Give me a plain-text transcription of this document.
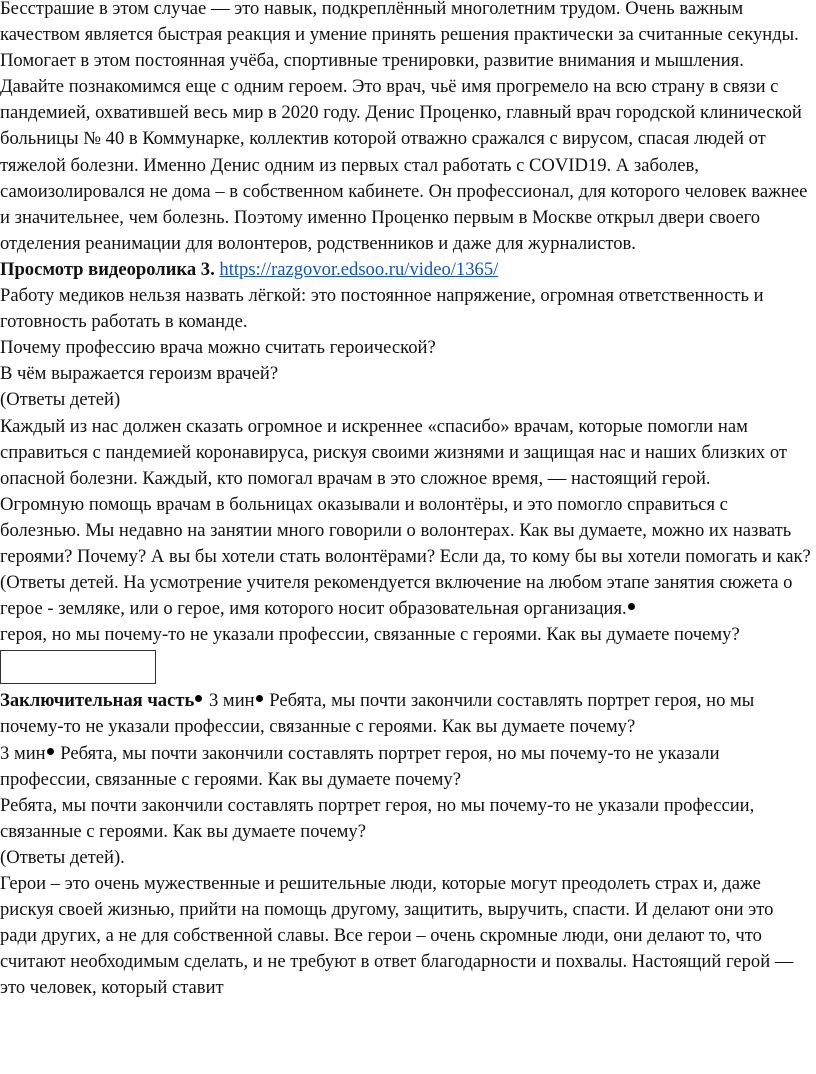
Бесстрашие в этом случае — это навык, подкреплённый многолетним трудом. Очень важным качеством является быстрая реакция и умение принять решения практически за считанные секунды. Помогает в этом постоянная учёба, спортивные тренировки, развитие внимания и мышления.

Давайте познакомимся еще с одним героем. Это врач, чьё имя прогремело на всю страну в связи с пандемией, охватившей весь мир в 2020 году. Денис Проценко, главный врач городской клинической больницы № 40 в Коммунарке, коллектив которой отважно сражался с вирусом, спасая людей от тяжелой болезни. Именно Денис одним из первых стал работать с COVID19. А заболев, самоизолировался не дома – в собственном кабинете. Он профессионал, для которого человек важнее и значительнее, чем болезнь. Поэтому именно Проценко первым в Москве открыл двери своего отделения реанимации для волонтеров, родственников и даже для журналистов.

Просмотр видеоролика 3. https://razgovor.edsoo.ru/video/1365/

Работу медиков нельзя назвать лёгкой: это постоянное напряжение, огромная ответственность и готовность работать в команде.

Почему профессию врача можно считать героической?

В чём выражается героизм врачей?

(Ответы детей)

Каждый из нас должен сказать огромное и искреннее «спасибо» врачам, которые помогли нам справиться с пандемией коронавируса, рискуя своими жизнями и защищая нас и наших близких от опасной болезни. Каждый, кто помогал врачам в это сложное время, — настоящий герой.

Огромную помощь врачам в больницах оказывали и волонтёры, и это помогло справиться с болезнью. Мы недавно на занятии много говорили о волонтерах. Как вы думаете, можно их назвать героями? Почему? А вы бы хотели стать волонтёрами? Если да, то кому бы вы хотели помогать и как? (Ответы детей. На усмотрение учителя рекомендуется включение на любом этапе занятия сюжета о герое - земляке, или о герое, имя которого носит образовательная организация.

героя, но мы почему-то не указали профессии, связанные с героями. Как вы думаете почему?

Заключительная часть 3 мин Ребята, мы почти закончили составлять портрет героя, но мы почему-то не указали профессии, связанные с героями. Как вы думаете почему?

3 мин Ребята, мы почти закончили составлять портрет героя, но мы почему-то не указали профессии, связанные с героями. Как вы думаете почему?

Ребята, мы почти закончили составлять портрет героя, но мы почему-то не указали профессии, связанные с героями. Как вы думаете почему?

(Ответы детей).

Герои – это очень мужественные и решительные люди, которые могут преодолеть страх и, даже рискуя своей жизнью, прийти на помощь другому, защитить, выручить, спасти. И делают они это ради других, а не для собственной славы. Все герои – очень скромные люди, они делают то, что считают необходимым сделать, и не требуют в ответ благодарности и похвалы. Настоящий герой — это человек, который ставит
